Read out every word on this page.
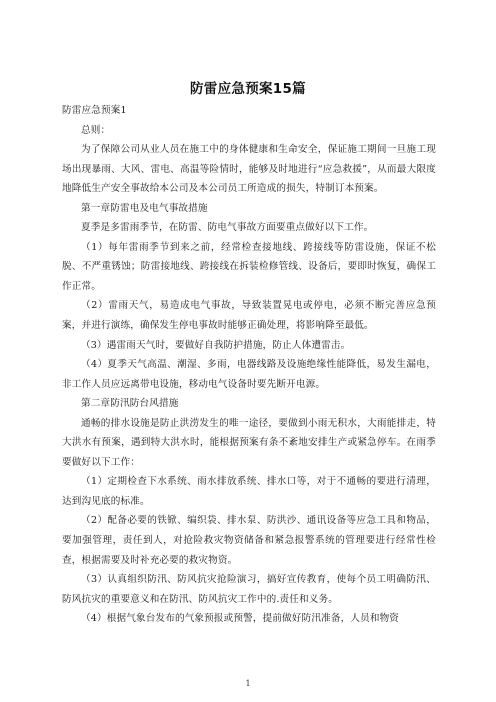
防雷应急预案15篇

防雷应急预案1

总则：

为了保障公司从业人员在施工中的身体健康和生命安全，保证施工期间一旦施工现场出现暴雨、大风、雷电、高温等险情时，能够及时地进行“应急救援”，从而最大限度地降低生产安全事故给本公司及本公司员工所造成的损失，特制订本预案。

第一章防雷电及电气事故措施

夏季是多雷雨季节，在防雷、防电气事故方面要重点做好以下工作。

（1）每年雷雨季节到来之前，经常检查接地线、跨接线等防雷设施，保证不松脱、不严重锈蚀；防雷接地线、跨接线在拆装检修管线、设备后，要即时恢复，确保工作正常。

（2）雷雨天气，易造成电气事故，导致装置晃电或停电，必须不断完善应急预案，并进行演练，确保发生停电事故时能够正确处理，将影响降至最低。

（3）遇雷雨天气时，要做好自我防护措施，防止人体遭雷击。

（4）夏季天气高温、潮湿、多雨，电器线路及设施绝缘性能降低，易发生漏电，非工作人员应远离带电设施，移动电气设备时要先断开电源。

第二章防汛防台风措施

通畅的排水设施是防止洪涝发生的唯一途径，要做到小雨无积水，大雨能排走，特大洪水有预案，遇到特大洪水时，能根据预案有条不紊地安排生产或紧急停车。在雨季要做好以下工作：

（1）定期检查下水系统、雨水排放系统、排水口等，对于不通畅的要进行清理，达到沟见底的标准。

（2）配备必要的铁锨、编织袋、排水泵、防洪沙、通讯设备等应急工具和物品，要加强管理，责任到人，对抢险救灾物资储备和紧急报警系统的管理要进行经常性检查，根据需要及时补充必要的救灾物资。

（3）认真组织防汛、防风抗灾抢险演习，搞好宣传教育，使每个员工明确防汛、防风抗灾的重要意义和在防汛、防风抗灾工作中的.责任和义务。

（4）根据气象台发布的气象预报或预警，提前做好防汛准备，人员和物资

1
